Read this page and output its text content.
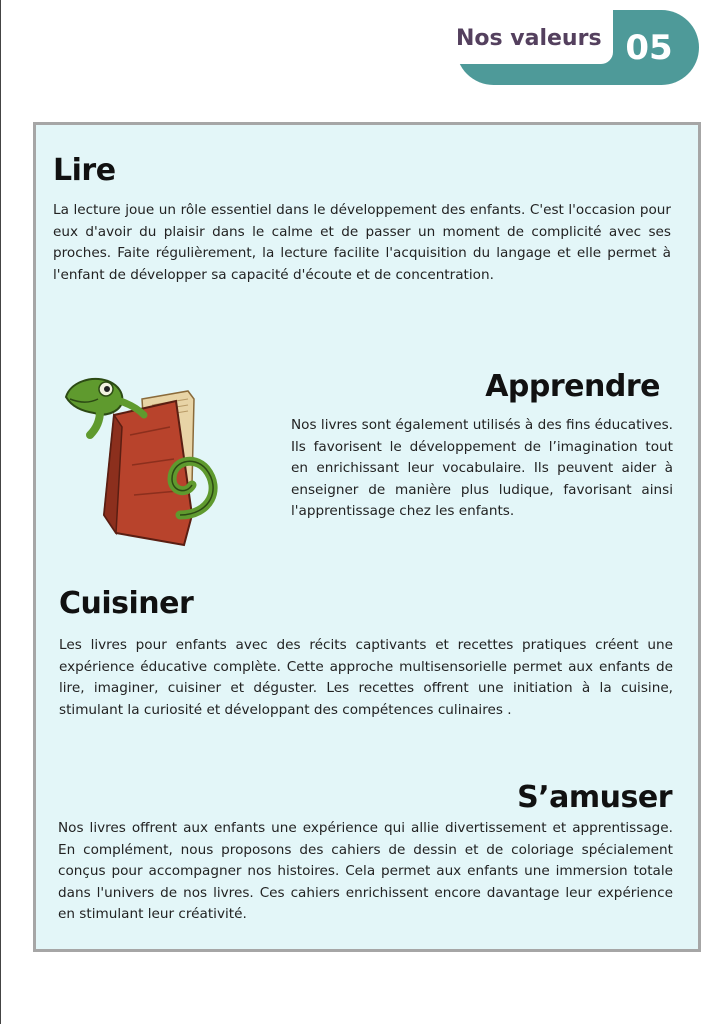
Nos valeurs 05
Lire
La lecture joue un rôle essentiel dans le développement des enfants. C'est l'occasion pour eux d'avoir du plaisir dans le calme et de passer un moment de complicité avec ses proches. Faite régulièrement, la lecture facilite l'acquisition du langage et elle permet à l'enfant de développer sa capacité d'écoute et de concentration.
Apprendre
Nos livres sont également utilisés à des fins éducatives. Ils favorisent le développement de l’imagination tout en enrichissant leur vocabulaire. Ils peuvent aider à enseigner de manière plus ludique, favorisant ainsi l'apprentissage chez les enfants.
Cuisiner
Les livres pour enfants avec des récits captivants et recettes pratiques créent une expérience éducative complète. Cette approche multisensorielle permet aux enfants de lire, imaginer, cuisiner et déguster. Les recettes offrent une initiation à la cuisine, stimulant la curiosité et développant des compétences culinaires .
S’amuser
Nos livres offrent aux enfants une expérience qui allie divertissement et apprentissage. En complément, nous proposons des cahiers de dessin et de coloriage spécialement conçus pour accompagner nos histoires. Cela permet aux enfants une immersion totale dans l'univers de nos livres. Ces cahiers enrichissent encore davantage leur expérience en stimulant leur créativité.
